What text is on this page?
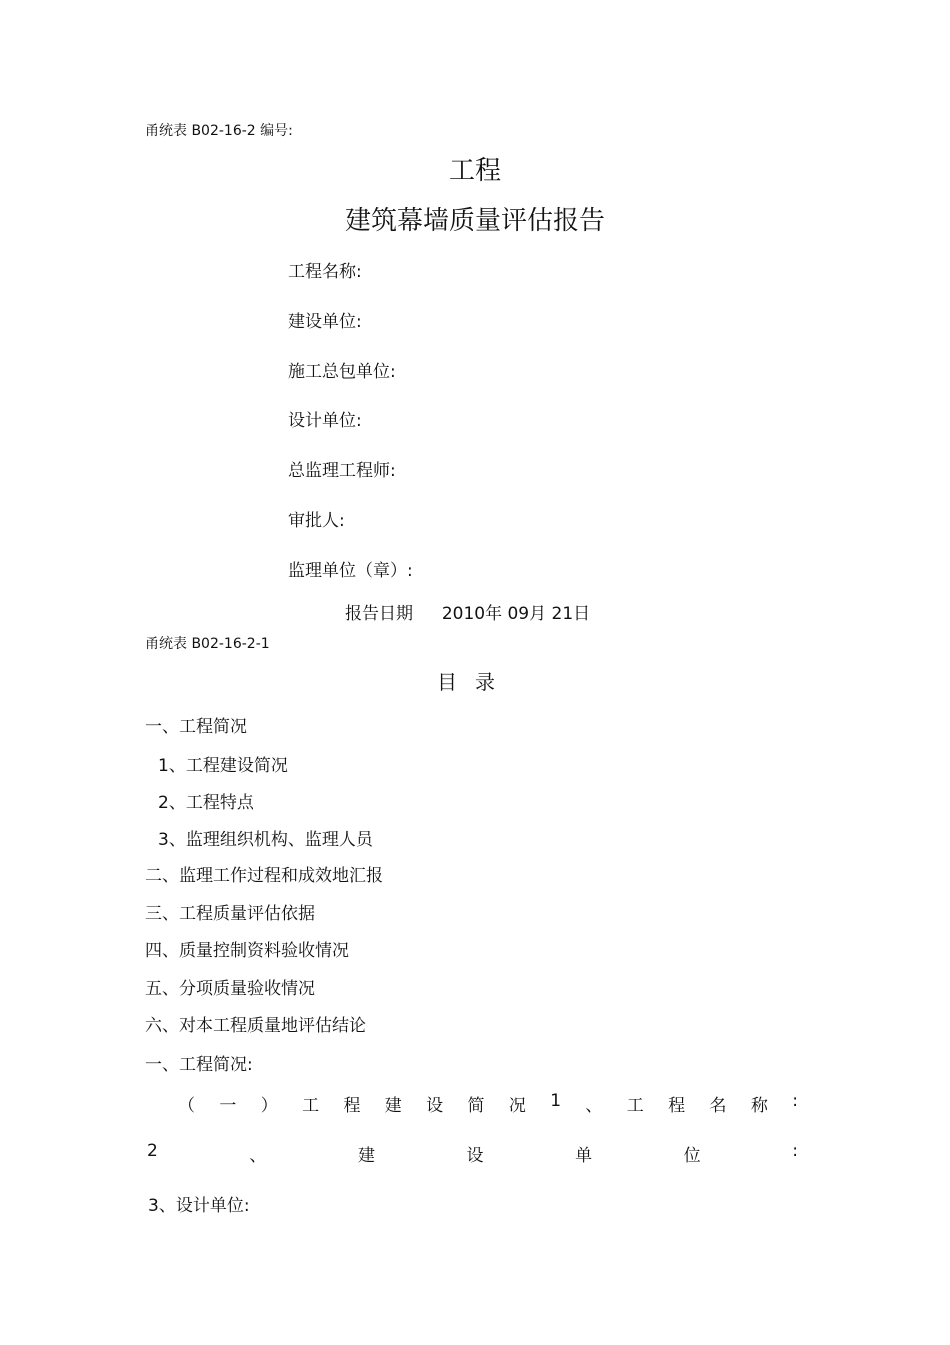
甬统表 B02-16-2 编号:
工程
建筑幕墙质量评估报告
工程名称:
建设单位:
施工总包单位:
设计单位:
总监理工程师:
审批人:
监理单位（章）:
报告日期 2010年 09月 21日
甬统表 B02-16-2-1
目录
一、工程简况
1、工程建设简况
2、工程特点
3、监理组织机构、监理人员
二、监理工作过程和成效地汇报
三、工程质量评估依据
四、质量控制资料验收情况
五、分项质量验收情况
六、对本工程质量地评估结论
一、工程简况:
（ 一 ） 工 程 建 设 简 况 1 、 工 程 名 称 :
2	、	建	设	单	位	:
3、设计单位:
